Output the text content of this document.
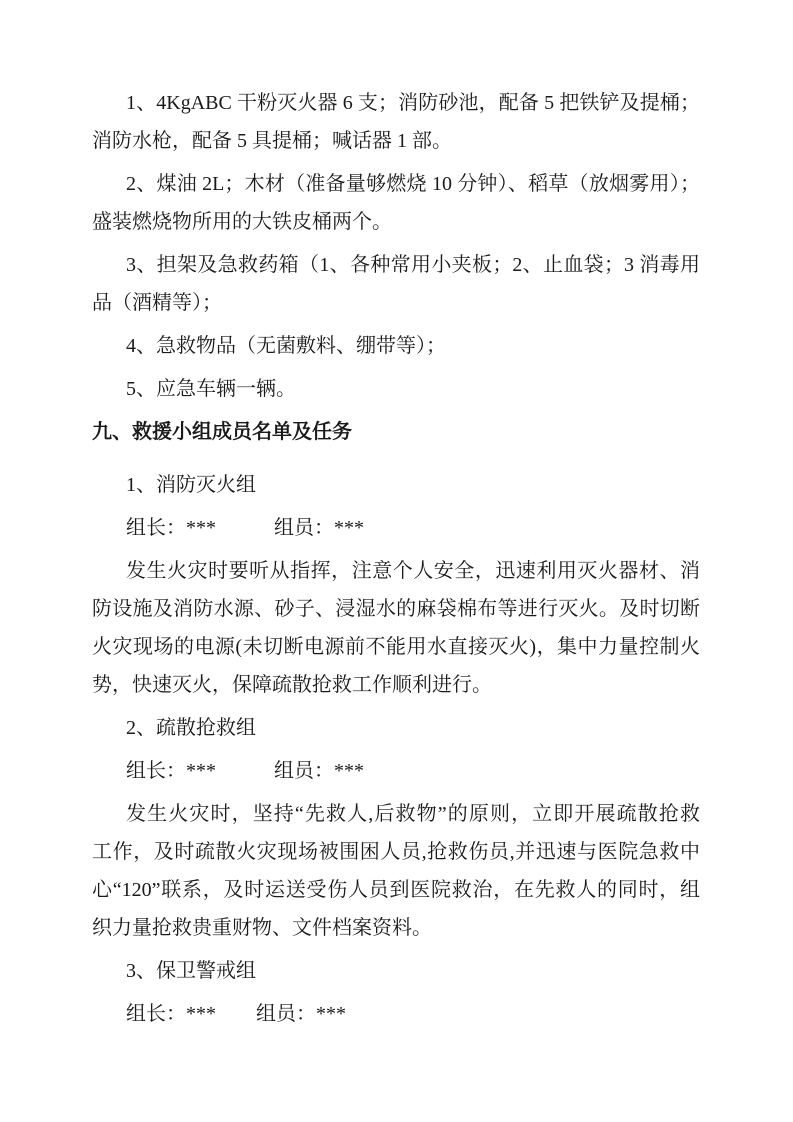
1、4KgABC 干粉灭火器 6 支；消防砂池，配备 5 把铁铲及提桶；
消防水枪，配备 5 具提桶；喊话器 1 部。

2、煤油 2L；木材（准备量够燃烧 10 分钟）、稻草（放烟雾用）；
盛装燃烧物所用的大铁皮桶两个。

3、担架及急救药箱（1、各种常用小夹板；2、止血袋；3 消毒用
品（酒精等）；

4、急救物品（无菌敷料、绷带等）；

5、应急车辆一辆。

九、救援小组成员名单及任务

1、消防灭火组

组长：***	组员：***

发生火灾时要听从指挥，注意个人安全，迅速利用灭火器材、消
防设施及消防水源、砂子、浸湿水的麻袋棉布等进行灭火。及时切断
火灾现场的电源(未切断电源前不能用水直接灭火)，集中力量控制火
势，快速灭火，保障疏散抢救工作顺利进行。

2、疏散抢救组

组长：***	组员：***

发生火灾时，坚持“先救人,后救物”的原则，立即开展疏散抢救
工作，及时疏散火灾现场被围困人员,抢救伤员,并迅速与医院急救中
心“120”联系，及时运送受伤人员到医院救治，在先救人的同时，组
织力量抢救贵重财物、文件档案资料。

3、保卫警戒组

组长：*** 组员：***
